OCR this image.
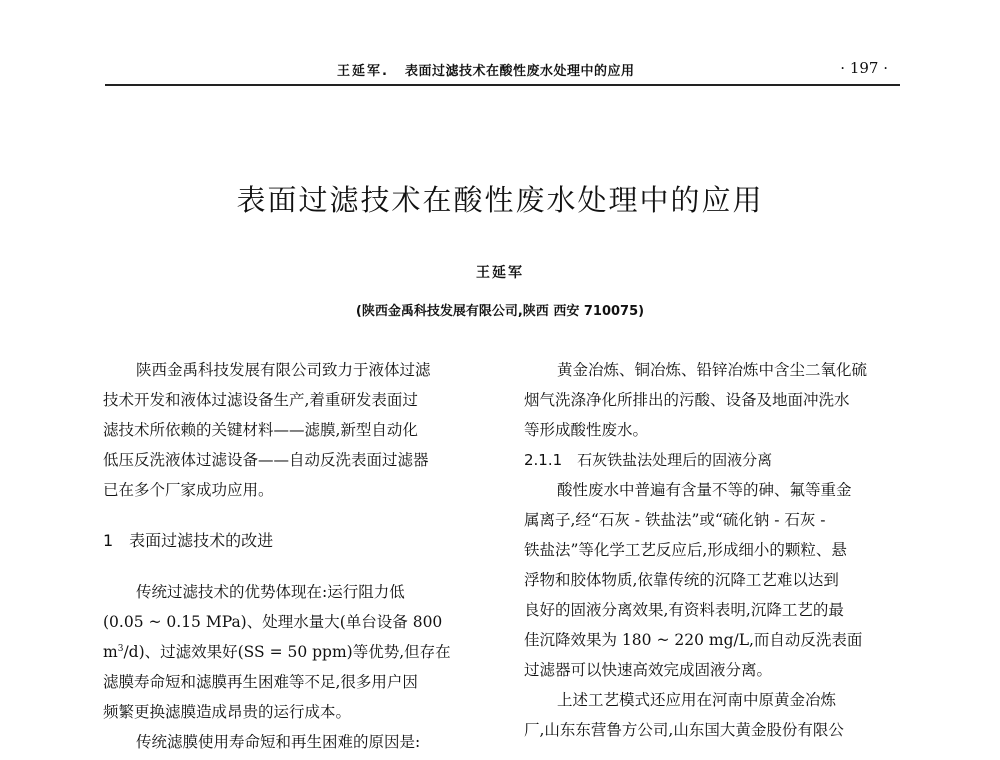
王延军. 表面过滤技术在酸性废水处理中的应用	· 197 ·
表面过滤技术在酸性废水处理中的应用
王延军
(陕西金禹科技发展有限公司,陕西 西安 710075)
陕西金禹科技发展有限公司致力于液体过滤
技术开发和液体过滤设备生产,着重研发表面过
滤技术所依赖的关键材料——滤膜,新型自动化
低压反洗液体过滤设备——自动反洗表面过滤器
已在多个厂家成功应用。
1　表面过滤技术的改进
传统过滤技术的优势体现在:运行阻力低
(0.05 ~ 0.15 MPa)、处理水量大(单台设备 800
$m^3/d$)、过滤效果好(SS = 50 ppm)等优势,但存在
滤膜寿命短和滤膜再生困难等不足,很多用户因
频繁更换滤膜造成昂贵的运行成本。
传统滤膜使用寿命短和再生困难的原因是:
黄金冶炼、铜冶炼、铅锌冶炼中含尘二氧化硫
烟气洗涤净化所排出的污酸、设备及地面冲洗水
等形成酸性废水。
2.1.1　石灰铁盐法处理后的固液分离
酸性废水中普遍有含量不等的砷、氟等重金
属离子,经“石灰 - 铁盐法”或“硫化钠 - 石灰 -
铁盐法”等化学工艺反应后,形成细小的颗粒、悬
浮物和胶体物质,依靠传统的沉降工艺难以达到
良好的固液分离效果,有资料表明,沉降工艺的最
佳沉降效果为 180 ~ 220 mg/L,而自动反洗表面
过滤器可以快速高效完成固液分离。
上述工艺模式还应用在河南中原黄金冶炼
厂,山东东营鲁方公司,山东国大黄金股份有限公
